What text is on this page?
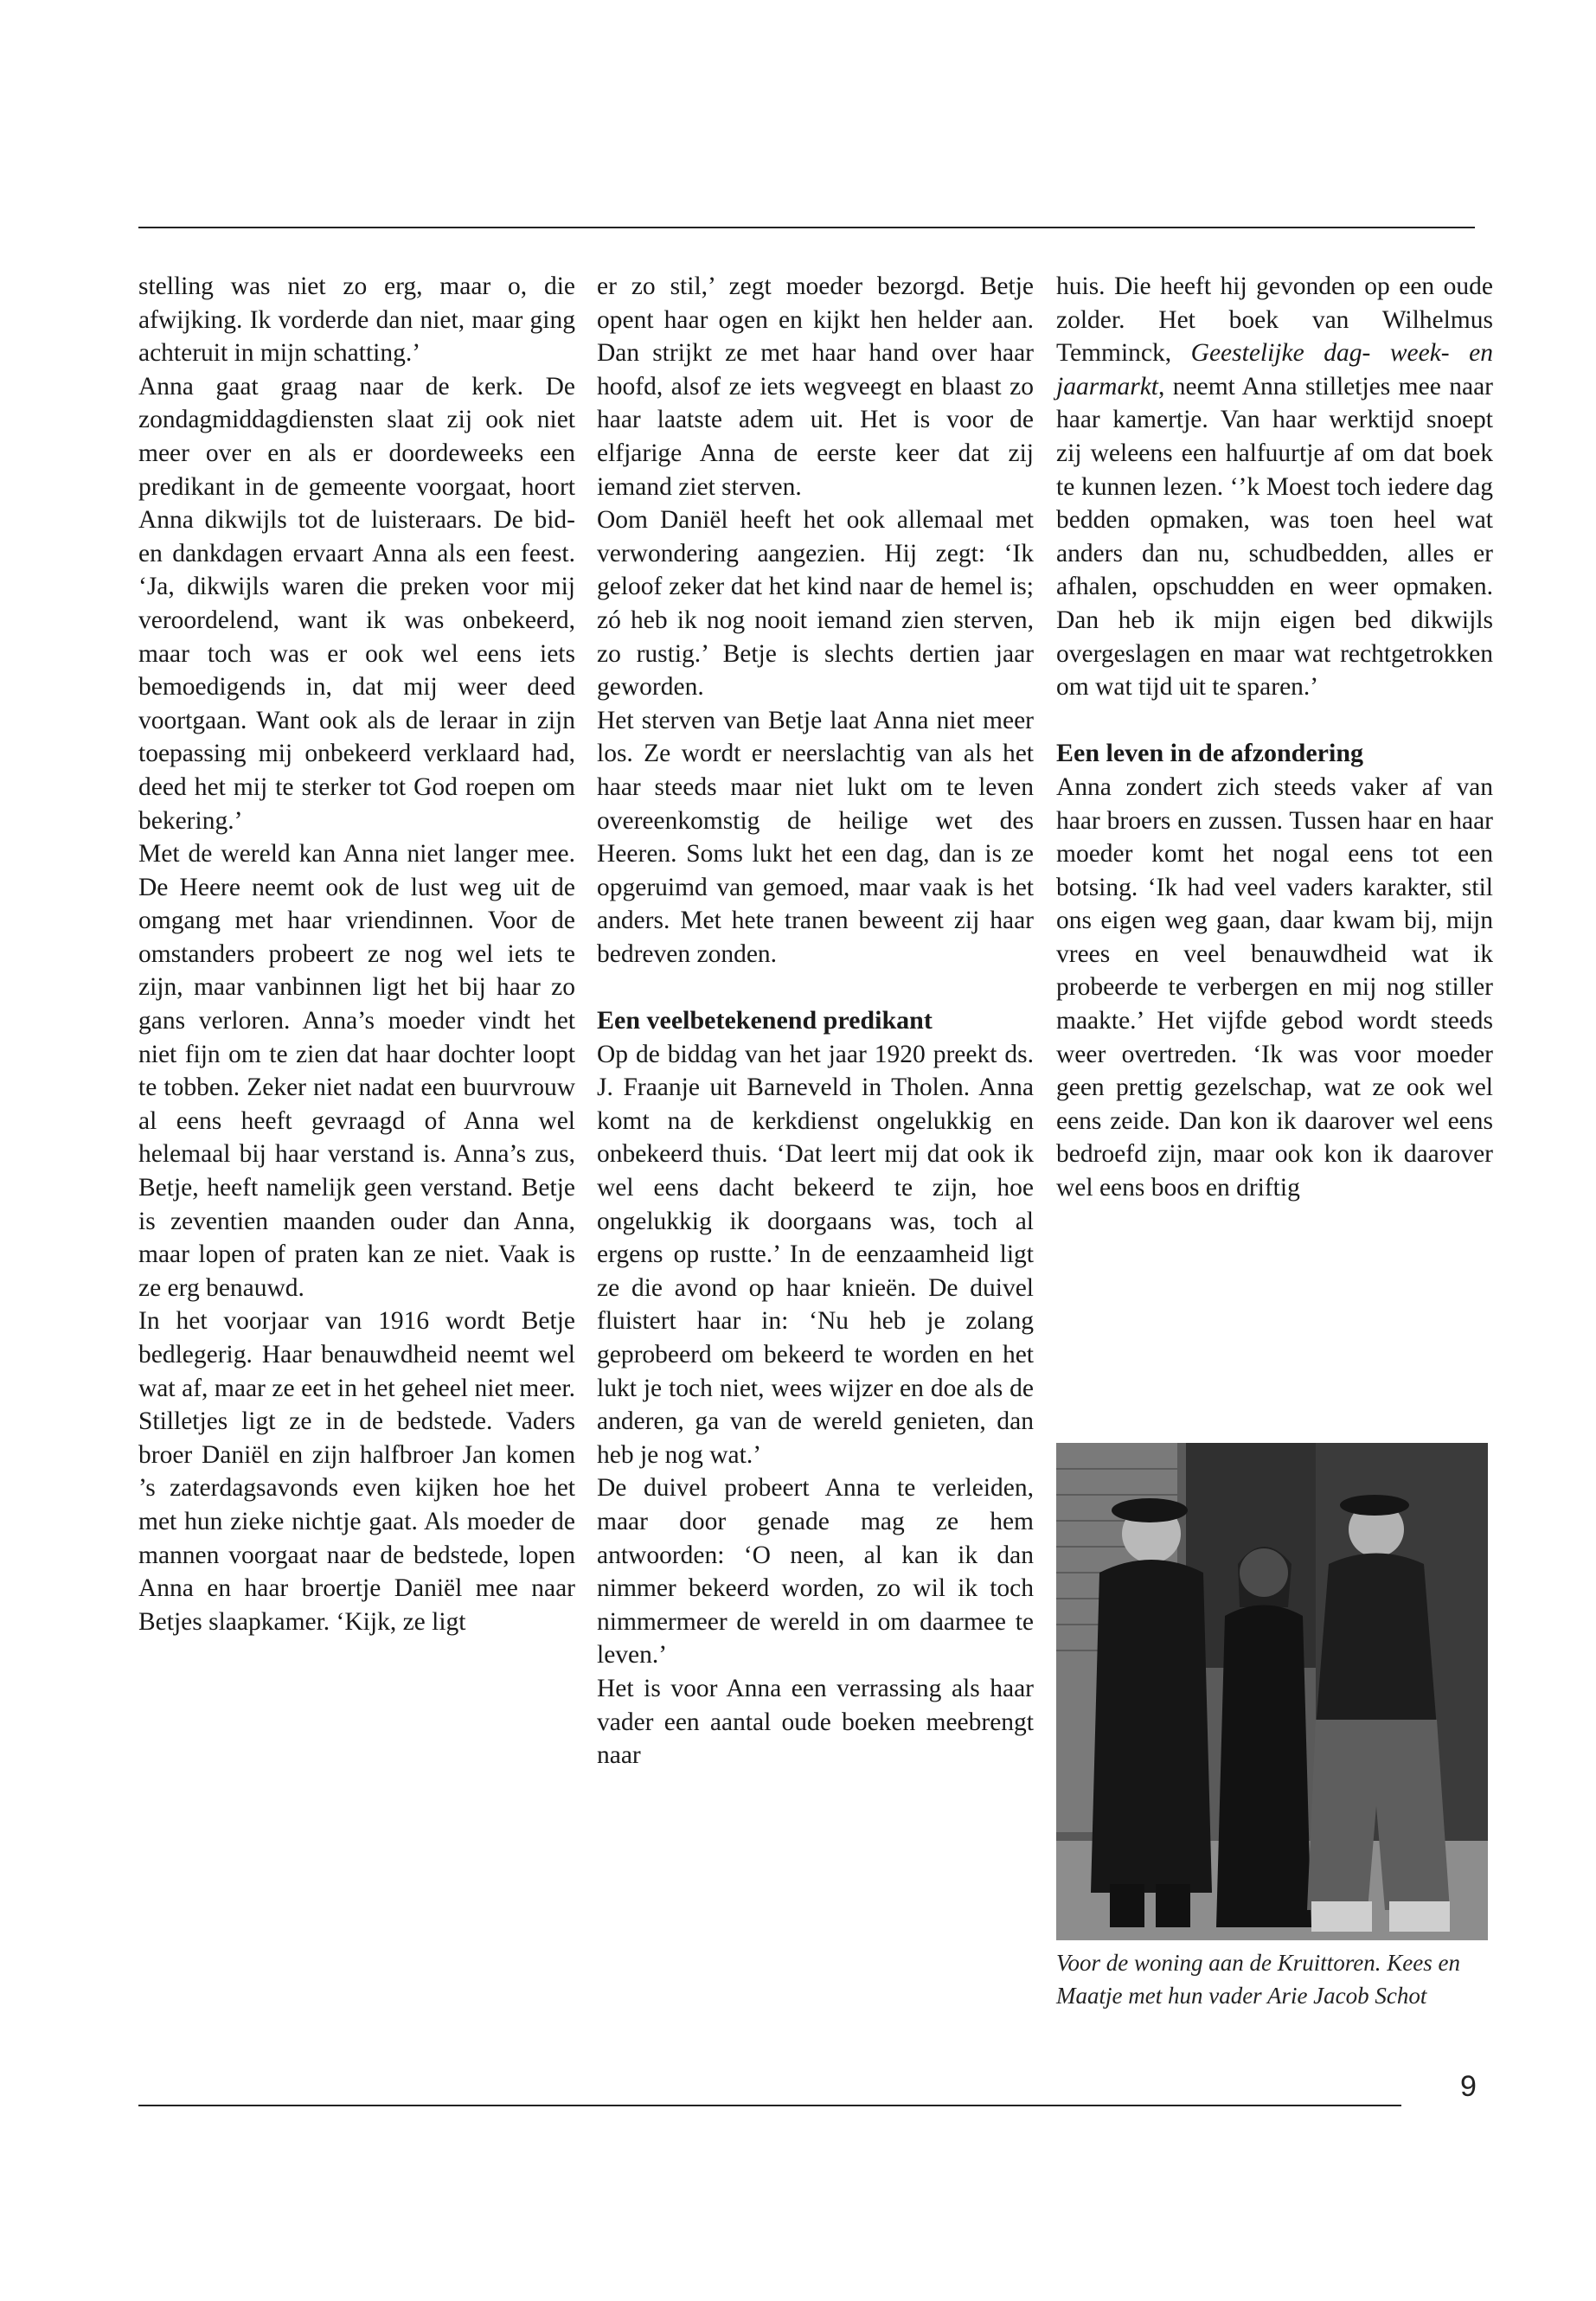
stelling was niet zo erg, maar o, die afwijking. Ik vorderde dan niet, maar ging achteruit in mijn schatting.’

Anna gaat graag naar de kerk. De zondagmiddagdiensten slaat zij ook niet meer over en als er doordeweeks een predikant in de gemeente voorgaat, hoort Anna dikwijls tot de luisteraars. De bid- en dankdagen ervaart Anna als een feest. ‘Ja, dikwijls waren die preken voor mij veroordelend, want ik was onbekeerd, maar toch was er ook wel eens iets bemoedigends in, dat mij weer deed voortgaan. Want ook als de leraar in zijn toepassing mij onbekeerd verklaard had, deed het mij te sterker tot God roepen om bekering.’

Met de wereld kan Anna niet langer mee. De Heere neemt ook de lust weg uit de omgang met haar vriendinnen. Voor de omstanders probeert ze nog wel iets te zijn, maar vanbinnen ligt het bij haar zo gans verloren. Anna’s moeder vindt het niet fijn om te zien dat haar dochter loopt te tobben. Zeker niet nadat een buurvrouw al eens heeft gevraagd of Anna wel helemaal bij haar verstand is. Anna’s zus, Betje, heeft namelijk geen verstand. Betje is zeventien maanden ouder dan Anna, maar lopen of praten kan ze niet. Vaak is ze erg benauwd.

In het voorjaar van 1916 wordt Betje bedlegerig. Haar benauwdheid neemt wel wat af, maar ze eet in het geheel niet meer. Stilletjes ligt ze in de bedstede. Vaders broer Daniël en zijn halfbroer Jan komen ’s zaterdagsavonds even kijken hoe het met hun zieke nichtje gaat. Als moeder de mannen voorgaat naar de bedstede, lopen Anna en haar broertje Daniël mee naar Betjes slaapkamer. ‘Kijk, ze ligt

er zo stil,’ zegt moeder bezorgd. Betje opent haar ogen en kijkt hen helder aan. Dan strijkt ze met haar hand over haar hoofd, alsof ze iets wegveegt en blaast zo haar laatste adem uit. Het is voor de elfjarige Anna de eerste keer dat zij iemand ziet sterven.

Oom Daniël heeft het ook allemaal met verwondering aangezien. Hij zegt: ‘Ik geloof zeker dat het kind naar de hemel is; zó heb ik nog nooit iemand zien sterven, zo rustig.’ Betje is slechts dertien jaar geworden.

Het sterven van Betje laat Anna niet meer los. Ze wordt er neerslachtig van als het haar steeds maar niet lukt om te leven overeenkomstig de heilige wet des Heeren. Soms lukt het een dag, dan is ze opgeruimd van gemoed, maar vaak is het anders. Met hete tranen beweent zij haar bedreven zonden.

Een veelbetekenend predikant

Op de biddag van het jaar 1920 preekt ds. J. Fraanje uit Barneveld in Tholen. Anna komt na de kerkdienst ongelukkig en onbekeerd thuis. ‘Dat leert mij dat ook ik wel eens dacht bekeerd te zijn, hoe ongelukkig ik doorgaans was, toch al ergens op rustte.’ In de eenzaamheid ligt ze die avond op haar knieën. De duivel fluistert haar in: ‘Nu heb je zolang geprobeerd om bekeerd te worden en het lukt je toch niet, wees wijzer en doe als de anderen, ga van de wereld genieten, dan heb je nog wat.’

De duivel probeert Anna te verleiden, maar door genade mag ze hem antwoorden: ‘O neen, al kan ik dan nimmer bekeerd worden, zo wil ik toch nimmermeer de wereld in om daarmee te leven.’

Het is voor Anna een verrassing als haar vader een aantal oude boeken meebrengt naar

huis. Die heeft hij gevonden op een oude zolder. Het boek van Wilhelmus Temminck, Geestelijke dag- week- en jaarmarkt, neemt Anna stilletjes mee naar haar kamertje. Van haar werktijd snoept zij weleens een halfuurtje af om dat boek te kunnen lezen. ‘’k Moest toch iedere dag bedden opmaken, was toen heel wat anders dan nu, schudbedden, alles er afhalen, opschudden en weer opmaken. Dan heb ik mijn eigen bed dikwijls overgeslagen en maar wat rechtgetrokken om wat tijd uit te sparen.’

Een leven in de afzondering

Anna zondert zich steeds vaker af van haar broers en zussen. Tussen haar en haar moeder komt het nogal eens tot een botsing. ‘Ik had veel vaders karakter, stil ons eigen weg gaan, daar kwam bij, mijn vrees en veel benauwdheid wat ik probeerde te verbergen en mij nog stiller maakte.’ Het vijfde gebod wordt steeds weer overtreden. ‘Ik was voor moeder geen prettig gezelschap, wat ze ook wel eens zeide. Dan kon ik daarover wel eens bedroefd zijn, maar ook kon ik daarover wel eens boos en driftig

Voor de woning aan de Kruittoren. Kees en Maatje met hun vader Arie Jacob Schot
9
